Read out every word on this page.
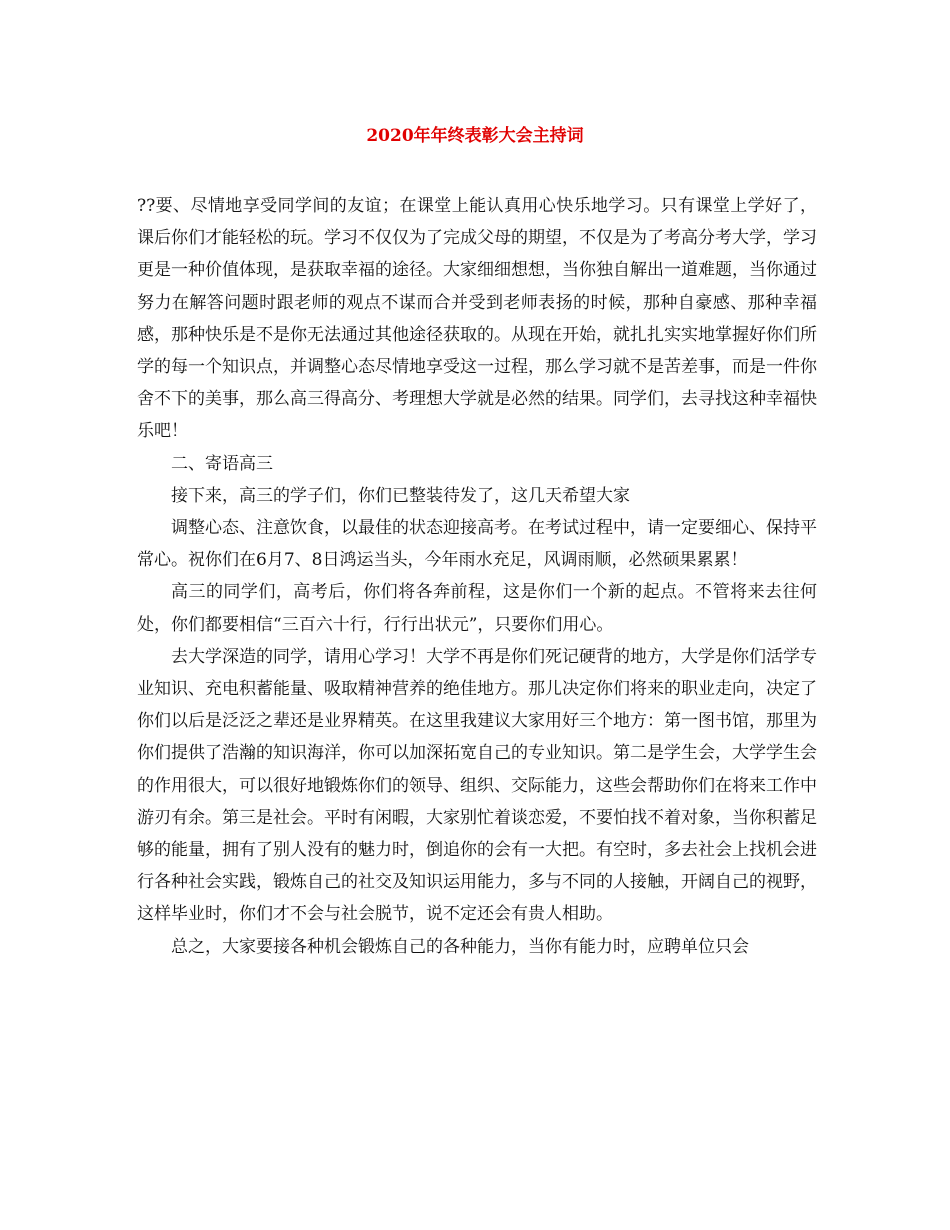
2020年年终表彰大会主持词

??要、尽情地享受同学间的友谊；在课堂上能认真用心快乐地学习。只有课堂上学好了，课后你们才能轻松的玩。学习不仅仅为了完成父母的期望，不仅是为了考高分考大学，学习更是一种价值体现，是获取幸福的途径。大家细细想想，当你独自解出一道难题，当你通过努力在解答问题时跟老师的观点不谋而合并受到老师表扬的时候，那种自豪感、那种幸福感，那种快乐是不是你无法通过其他途径获取的。从现在开始，就扎扎实实地掌握好你们所学的每一个知识点，并调整心态尽情地享受这一过程，那么学习就不是苦差事，而是一件你舍不下的美事，那么高三得高分、考理想大学就是必然的结果。同学们，去寻找这种幸福快乐吧！

二、寄语高三

接下来，高三的学子们，你们已整装待发了，这几天希望大家

调整心态、注意饮食，以最佳的状态迎接高考。在考试过程中，请一定要细心、保持平常心。祝你们在6月7、8日鸿运当头，今年雨水充足，风调雨顺，必然硕果累累！

高三的同学们，高考后，你们将各奔前程，这是你们一个新的起点。不管将来去往何处，你们都要相信“三百六十行，行行出状元”，只要你们用心。

去大学深造的同学，请用心学习！大学不再是你们死记硬背的地方，大学是你们活学专业知识、充电积蓄能量、吸取精神营养的绝佳地方。那儿决定你们将来的职业走向，决定了你们以后是泛泛之辈还是业界精英。在这里我建议大家用好三个地方：第一图书馆，那里为你们提供了浩瀚的知识海洋，你可以加深拓宽自己的专业知识。第二是学生会，大学学生会的作用很大，可以很好地锻炼你们的领导、组织、交际能力，这些会帮助你们在将来工作中游刃有余。第三是社会。平时有闲暇，大家别忙着谈恋爱，不要怕找不着对象，当你积蓄足够的能量，拥有了别人没有的魅力时，倒追你的会有一大把。有空时，多去社会上找机会进行各种社会实践，锻炼自己的社交及知识运用能力，多与不同的人接触，开阔自己的视野，这样毕业时，你们才不会与社会脱节，说不定还会有贵人相助。

总之，大家要接各种机会锻炼自己的各种能力，当你有能力时，应聘单位只会
